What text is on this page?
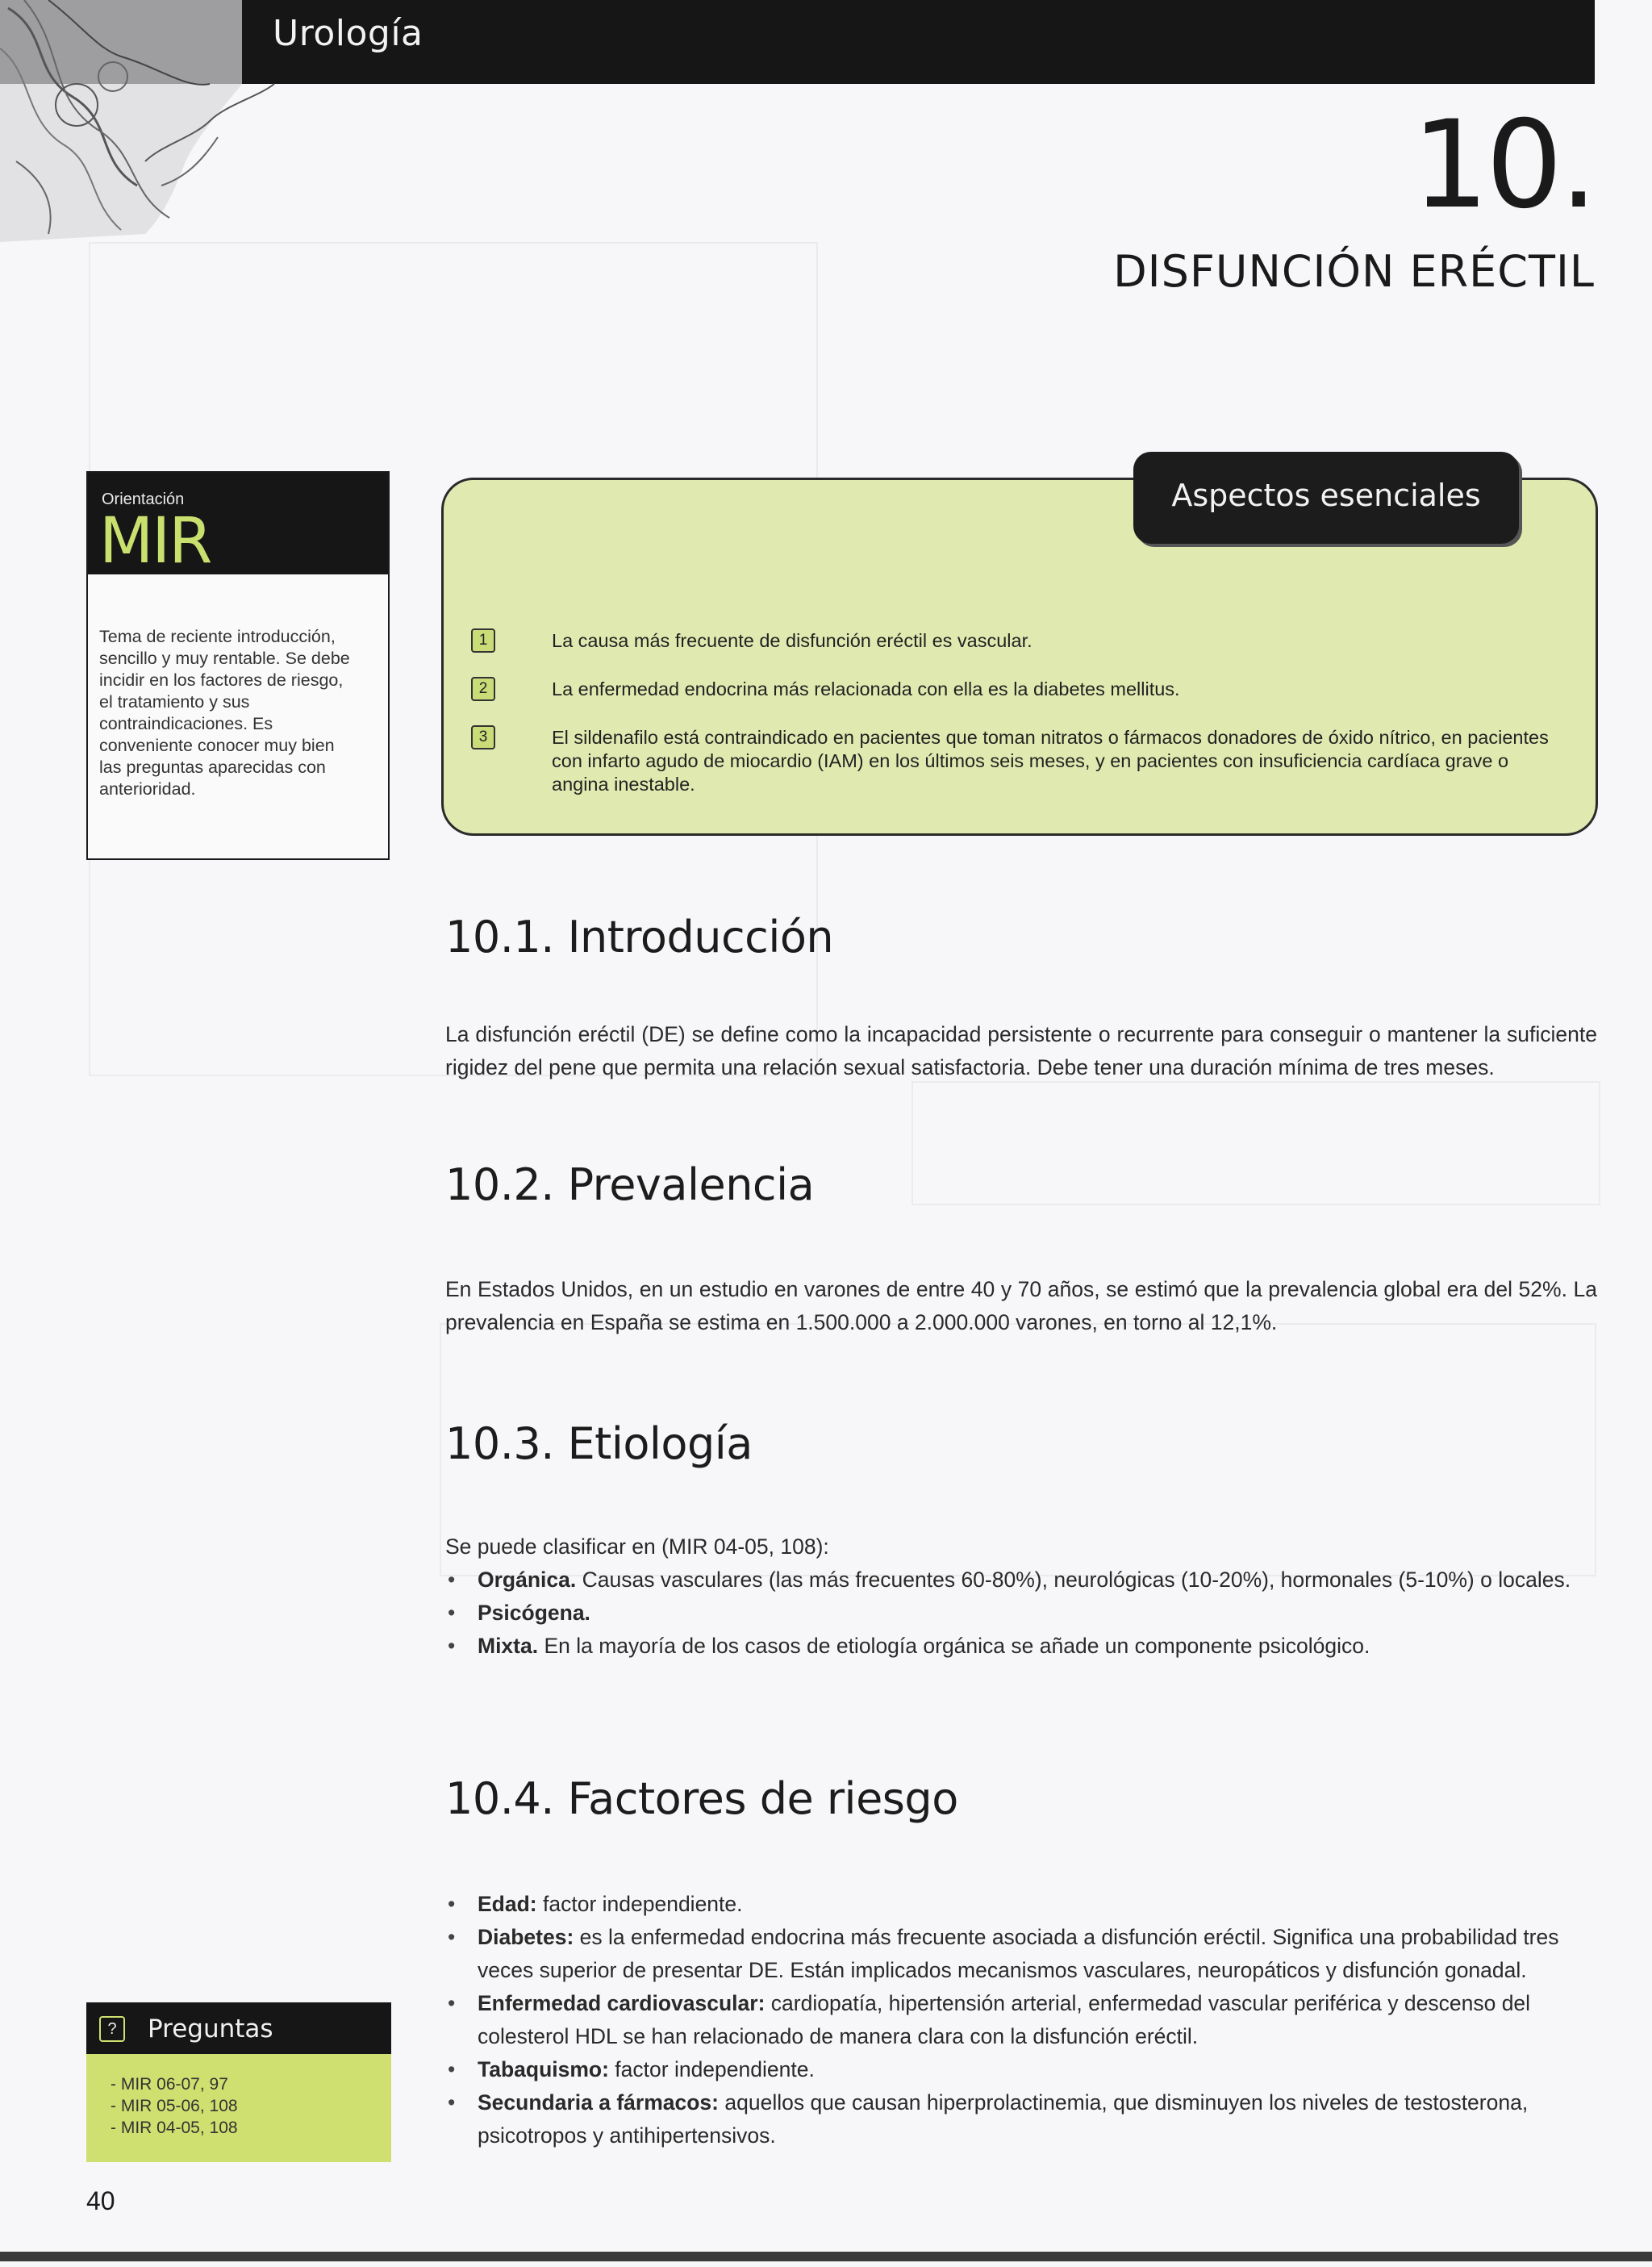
Urología
10.
DISFUNCIÓN ERÉCTIL
Orientación
MIR
Tema de reciente introducción, sencillo y muy rentable. Se debe incidir en los factores de riesgo, el tratamiento y sus contraindicaciones. Es conveniente conocer muy bien las preguntas aparecidas con anterioridad.
Aspectos esenciales
1	La causa más frecuente de disfunción eréctil es vascular.
2	La enfermedad endocrina más relacionada con ella es la diabetes mellitus.
3	El sildenafilo está contraindicado en pacientes que toman nitratos o fármacos donadores de óxido nítrico, en pacientes con infarto agudo de miocardio (IAM) en los últimos seis meses, y en pacientes con insuficiencia cardíaca grave o angina inestable.
10.1. Introducción
La disfunción eréctil (DE) se define como la incapacidad persistente o recurrente para conseguir o mantener la suficiente rigidez del pene que permita una relación sexual satisfactoria. Debe tener una duración mínima de tres meses.
10.2. Prevalencia
En Estados Unidos, en un estudio en varones de entre 40 y 70 años, se estimó que la prevalencia global era del 52%. La prevalencia en España se estima en 1.500.000 a 2.000.000 varones, en torno al 12,1%.
10.3. Etiología
Se puede clasificar en (MIR 04-05, 108):
• Orgánica. Causas vasculares (las más frecuentes 60-80%), neurológicas (10-20%), hormonales (5-10%) o locales.
• Psicógena.
• Mixta. En la mayoría de los casos de etiología orgánica se añade un componente psicológico.
10.4. Factores de riesgo
• Edad: factor independiente.
• Diabetes: es la enfermedad endocrina más frecuente asociada a disfunción eréctil. Significa una probabilidad tres veces superior de presentar DE. Están implicados mecanismos vasculares, neuropáticos y disfunción gonadal.
• Enfermedad cardiovascular: cardiopatía, hipertensión arterial, enfermedad vascular periférica y descenso del colesterol HDL se han relacionado de manera clara con la disfunción eréctil.
• Tabaquismo: factor independiente.
• Secundaria a fármacos: aquellos que causan hiperprolactinemia, que disminuyen los niveles de testosterona, psicotropos y antihipertensivos.
?	Preguntas
- MIR 06-07, 97
- MIR 05-06, 108
- MIR 04-05, 108
40
